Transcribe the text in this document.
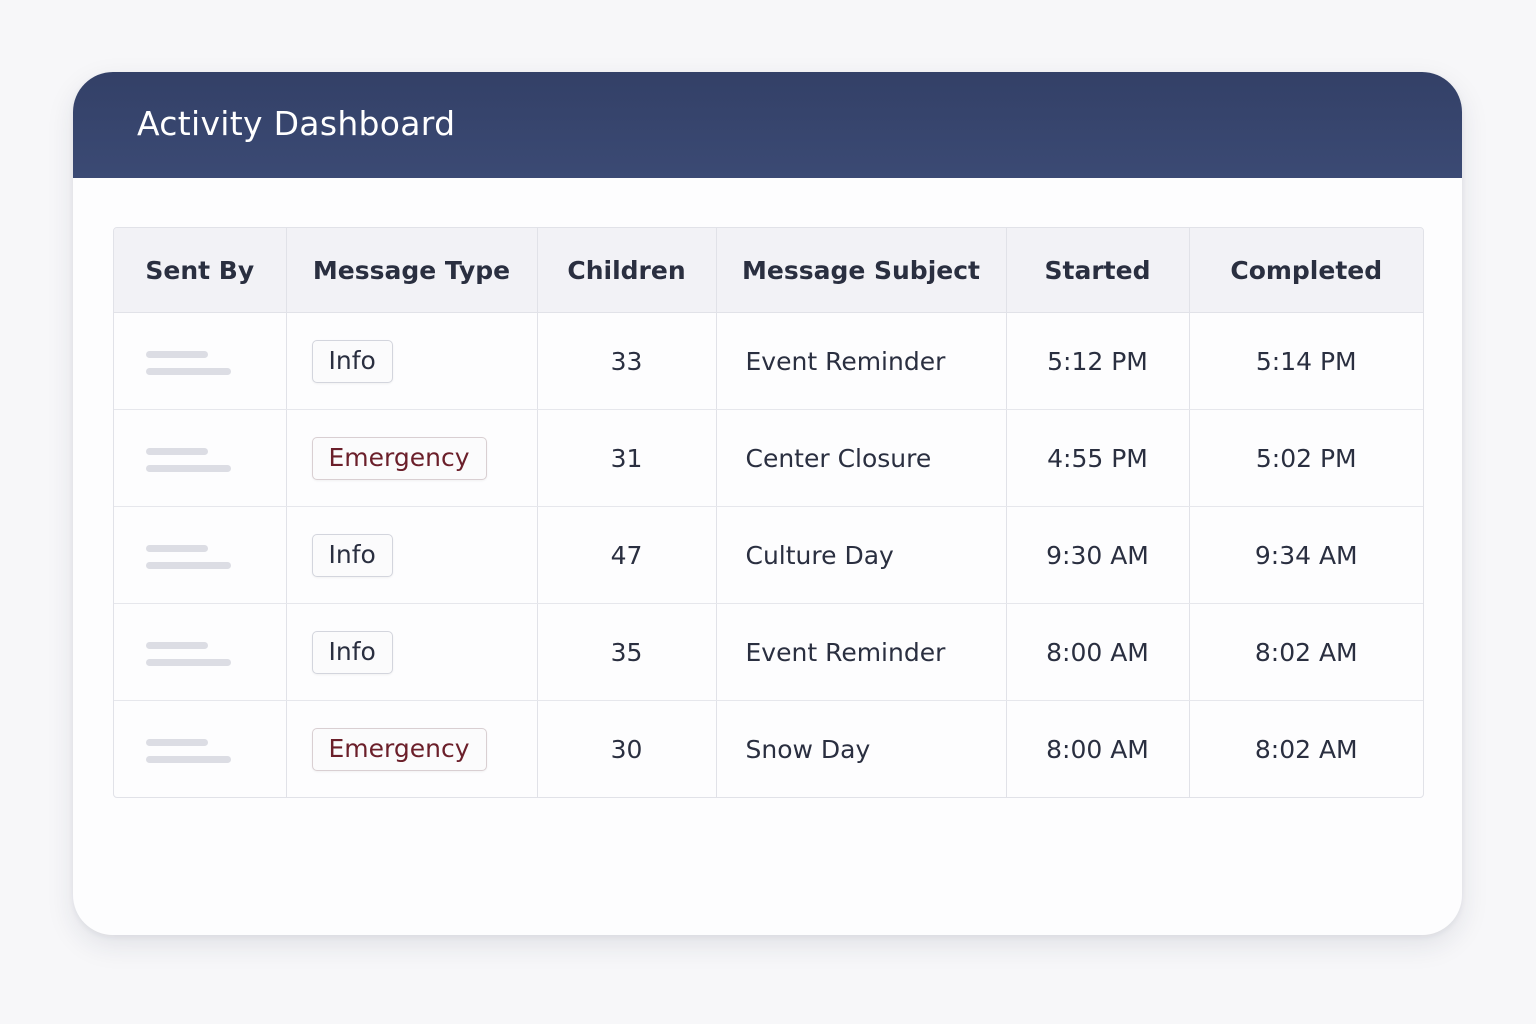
Activity Dashboard
Sent By	Message Type	Children	Message Subject	Started	Completed

	Info	33	Event Reminder	5:12 PM	5:14 PM

	Emergency	31	Center Closure	4:55 PM	5:02 PM

	Info	47	Culture Day	9:30 AM	9:34 AM

	Info	35	Event Reminder	8:00 AM	8:02 AM

	Emergency	30	Snow Day	8:00 AM	8:02 AM
